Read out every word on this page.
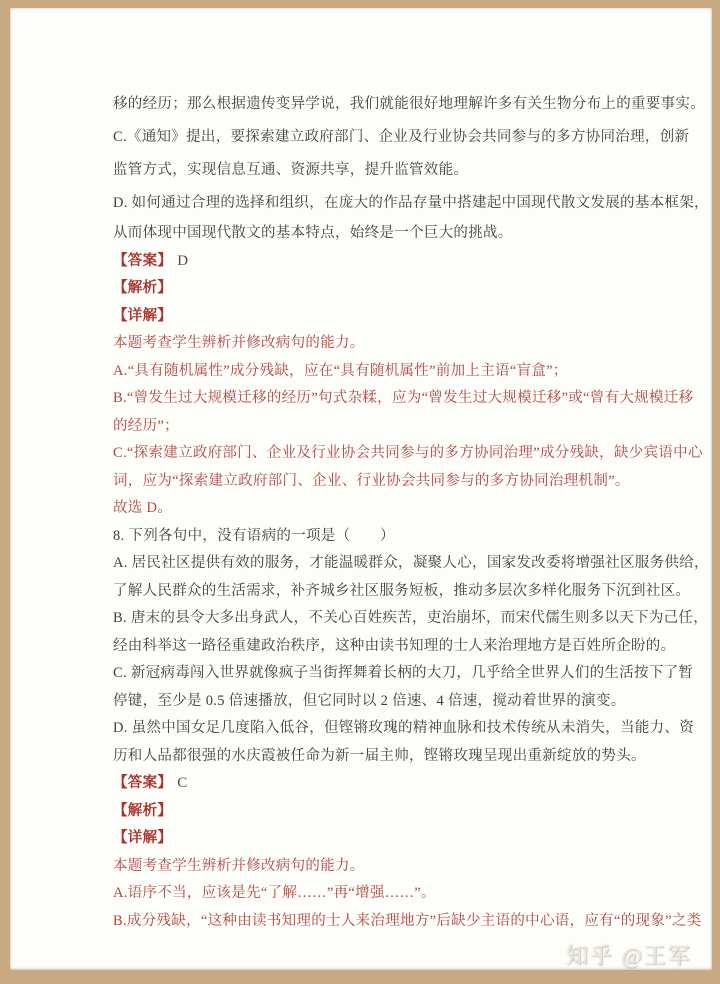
移的经历；那么根据遗传变异学说，我们就能很好地理解许多有关生物分布上的重要事实。
C.《通知》提出，要探索建立政府部门、企业及行业协会共同参与的多方协同治理，创新
监管方式，实现信息互通、资源共享，提升监管效能。
D. 如何通过合理的选择和组织，在庞大的作品存量中搭建起中国现代散文发展的基本框架，
从而体现中国现代散文的基本特点，始终是一个巨大的挑战。
【答案】 D
【解析】
【详解】
本题考查学生辨析并修改病句的能力。
A.“具有随机属性”成分残缺，应在“具有随机属性”前加上主语“盲盒”；
B.“曾发生过大规模迁移的经历”句式杂糅，应为“曾发生过大规模迁移”或“曾有大规模迁移
的经历”；
C.“探索建立政府部门、企业及行业协会共同参与的多方协同治理”成分残缺，缺少宾语中心
词，应为“探索建立政府部门、企业、行业协会共同参与的多方协同治理机制”。
故选 D。
8. 下列各句中，没有语病的一项是（　　）
A. 居民社区提供有效的服务，才能温暖群众，凝聚人心，国家发改委将增强社区服务供给，
了解人民群众的生活需求，补齐城乡社区服务短板，推动多层次多样化服务下沉到社区。
B. 唐末的县令大多出身武人，不关心百姓疾苦，吏治崩坏，而宋代儒生则多以天下为己任，
经由科举这一路径重建政治秩序，这种由读书知理的士人来治理地方是百姓所企盼的。
C. 新冠病毒闯入世界就像疯子当街挥舞着长柄的大刀，几乎给全世界人们的生活按下了暂
停键，至少是 0.5 倍速播放，但它同时以 2 倍速、4 倍速，搅动着世界的演变。
D. 虽然中国女足几度陷入低谷，但铿锵玫瑰的精神血脉和技术传统从未消失，当能力、资
历和人品都很强的水庆霞被任命为新一届主帅，铿锵玫瑰呈现出重新绽放的势头。
【答案】 C
【解析】
【详解】
本题考查学生辨析并修改病句的能力。
A.语序不当，应该是先“了解……”再“增强……”。
B.成分残缺，“这种由读书知理的士人来治理地方”后缺少主语的中心语，应有“的现象”之类
知乎 @王军
